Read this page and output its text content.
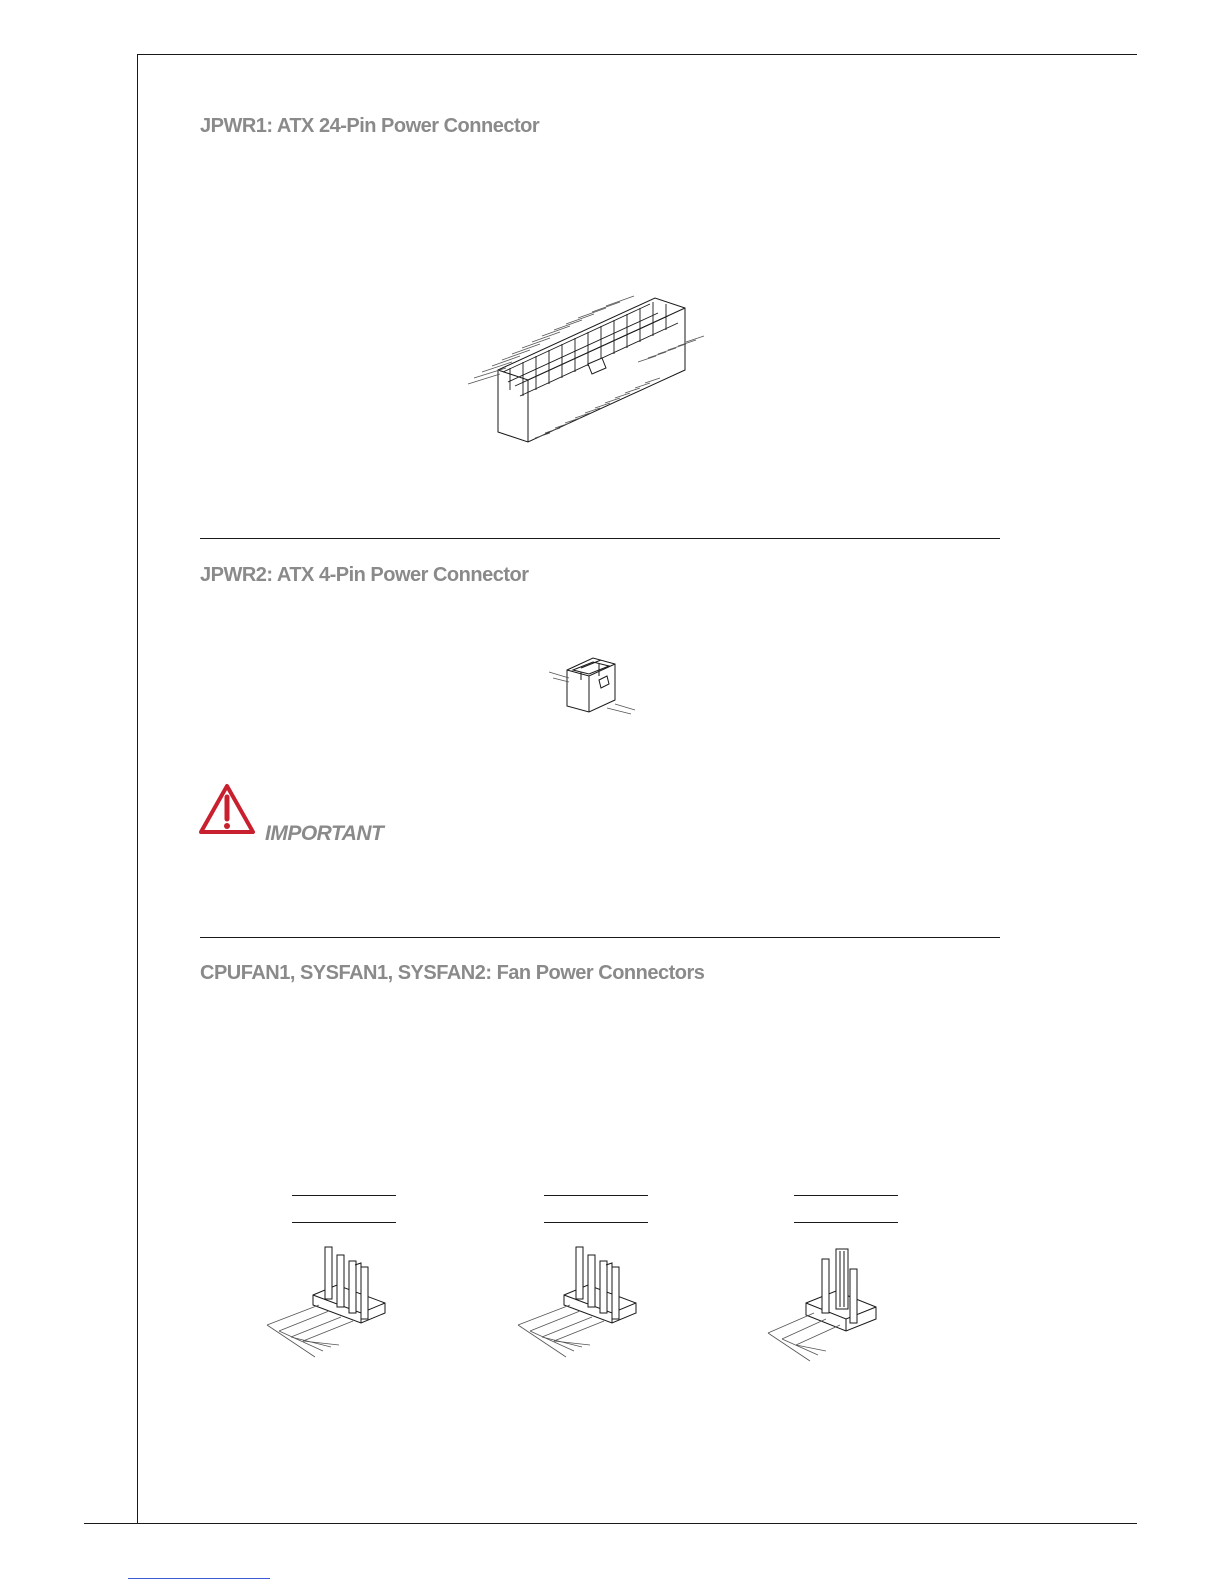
JPWR1: ATX 24-Pin Power Connector
JPWR2: ATX 4-Pin Power Connector
IMPORTANT
CPUFAN1, SYSFAN1, SYSFAN2: Fan Power Connectors
